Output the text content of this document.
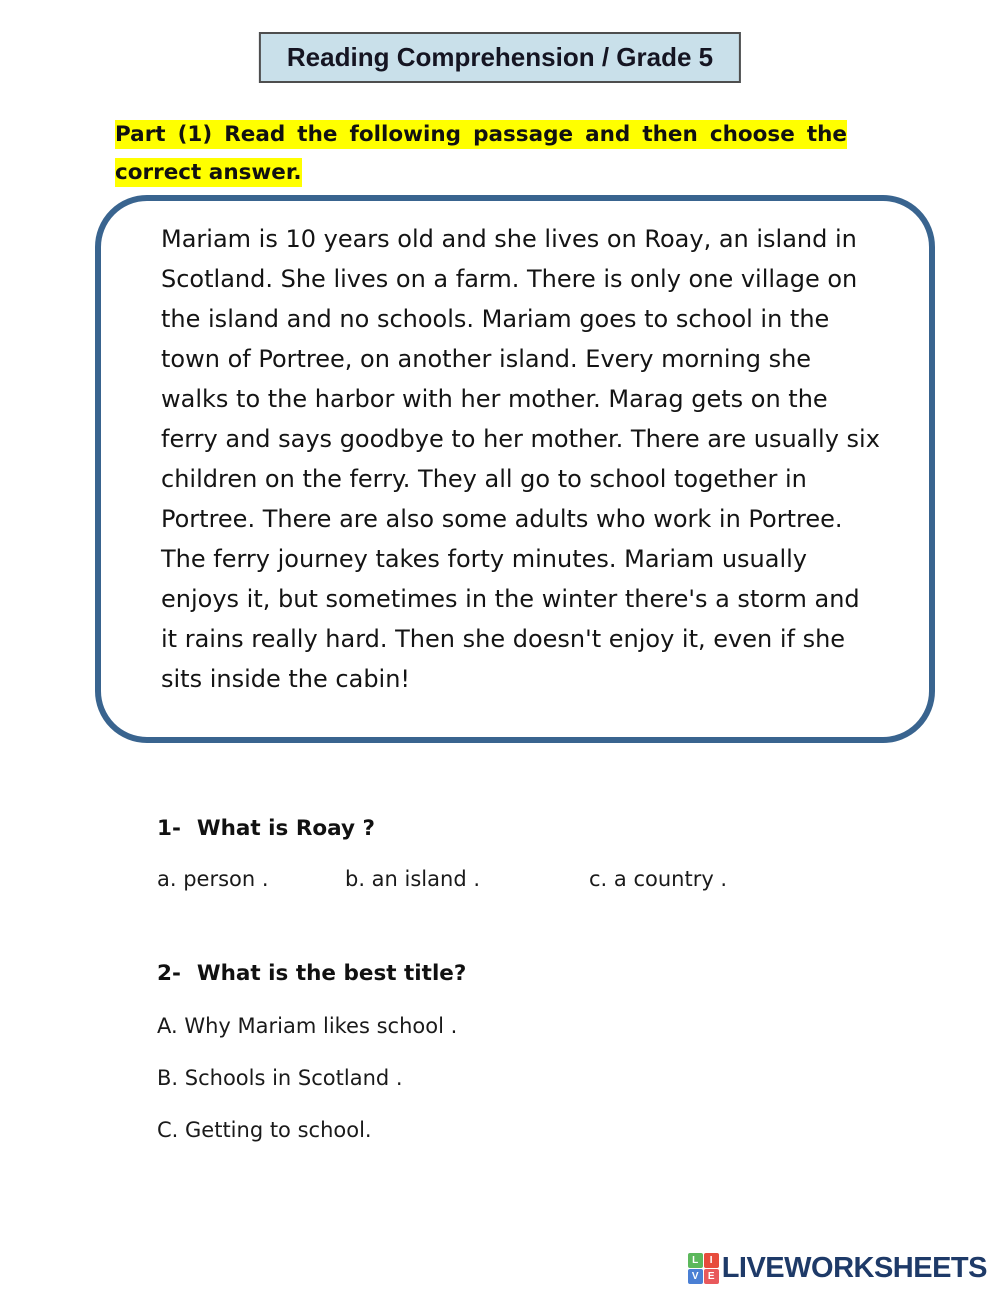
Reading Comprehension / Grade 5

Part (1) Read the following passage and then choose the correct answer.

Mariam is 10 years old and she lives on Roay, an island in Scotland. She lives on a farm. There is only one village on the island and no schools. Mariam goes to school in the town of Portree, on another island. Every morning she walks to the harbor with her mother. Marag gets on the ferry and says goodbye to her mother. There are usually six children on the ferry. They all go to school together in Portree. There are also some adults who work in Portree. The ferry journey takes forty minutes. Mariam usually enjoys it, but sometimes in the winter there's a storm and it rains really hard. Then she doesn't enjoy it, even if she sits inside the cabin!

1- What is Roay ?
a. person .	b. an island .	c. a country .
2- What is the best title?
A. Why Mariam likes school .
B. Schools in Scotland .
C. Getting to school.
L	I
V E LIVEWORKSHEETS
